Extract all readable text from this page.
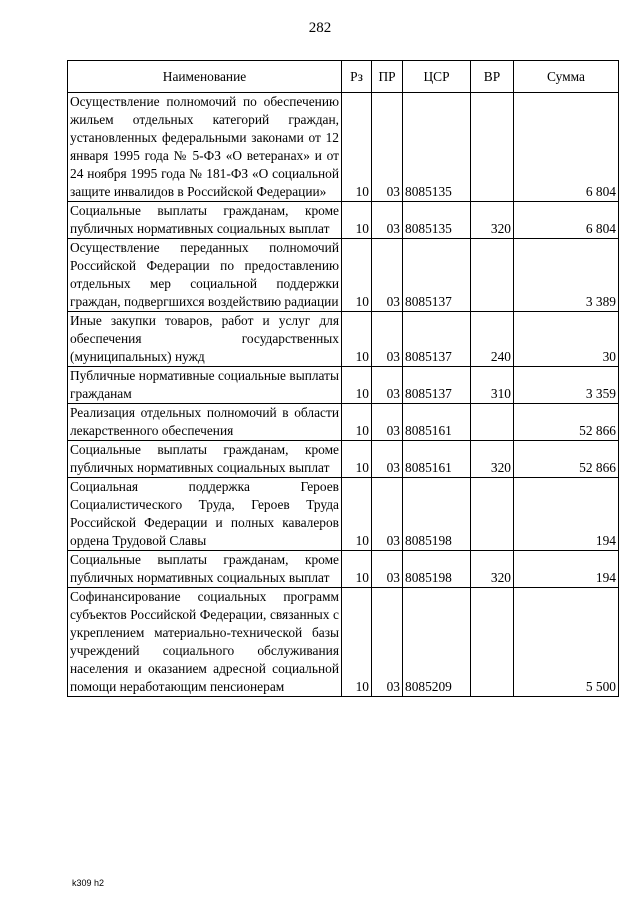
282
Наименование	Рз	ПР	ЦСР	ВР	Сумма
Осуществление полномочий по обеспечению жильем отдельных категорий граждан, установленных федеральными законами от 12 января 1995 года № 5-ФЗ «О ветеранах» и от 24 ноября 1995 года № 181-ФЗ «О социальной защите инвалидов в Российской Федерации»	10	03	8085135		6 804
Социальные выплаты гражданам, кроме публичных нормативных социальных выплат	10	03	8085135	320	6 804
Осуществление переданных полномочий Российской Федерации по предоставлению отдельных мер социальной поддержки граждан, подвергшихся воздействию радиации	10	03	8085137		3 389
Иные закупки товаров, работ и услуг для обеспечения государственных (муниципальных) нужд	10	03	8085137	240	30
Публичные нормативные социальные выплаты гражданам	10	03	8085137	310	3 359
Реализация отдельных полномочий в области лекарственного обеспечения	10	03	8085161		52 866
Социальные выплаты гражданам, кроме публичных нормативных социальных выплат	10	03	8085161	320	52 866
Социальная поддержка Героев Социалистического Труда, Героев Труда Российской Федерации и полных кавалеров ордена Трудовой Славы	10	03	8085198		194
Социальные выплаты гражданам, кроме публичных нормативных социальных выплат	10	03	8085198	320	194
Софинансирование социальных программ субъектов Российской Федерации, связанных с укреплением материально-технической базы учреждений социального обслуживания населения и оказанием адресной социальной помощи неработающим пенсионерам	10	03	8085209		5 500
k309 h2
